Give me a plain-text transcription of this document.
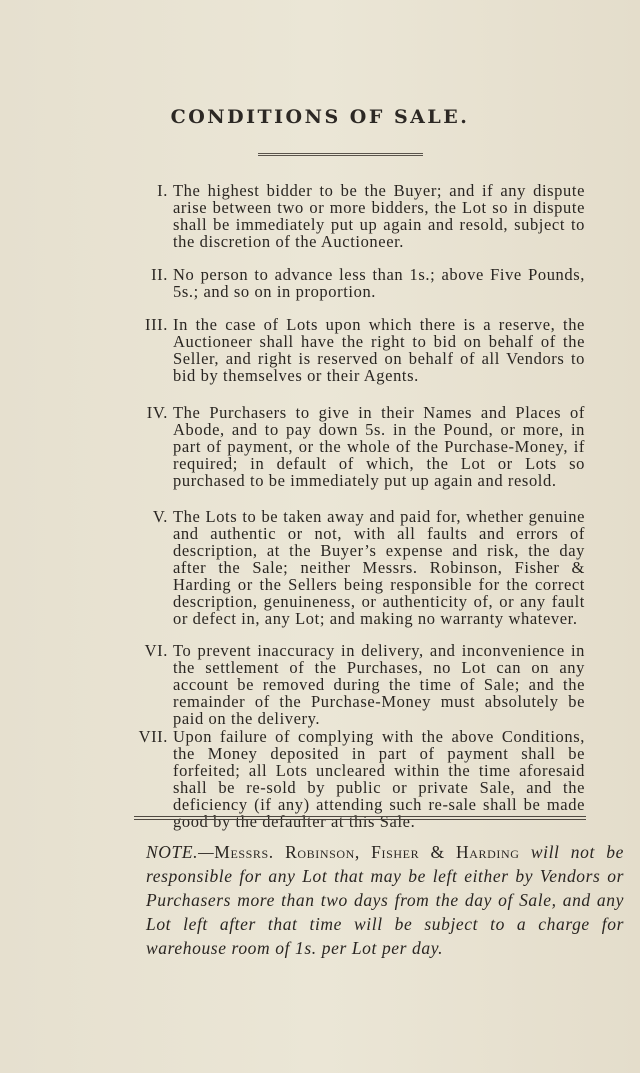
CONDITIONS OF SALE.
I. The highest bidder to be the Buyer; and if any dispute arise between two or more bidders, the Lot so in dispute shall be immediately put up again and resold, subject to the discretion of the Auctioneer.
II. No person to advance less than 1s.; above Five Pounds, 5s.; and so on in proportion.
III. In the case of Lots upon which there is a reserve, the Auctioneer shall have the right to bid on behalf of the Seller, and right is reserved on behalf of all Vendors to bid by themselves or their Agents.
IV. The Purchasers to give in their Names and Places of Abode, and to pay down 5s. in the Pound, or more, in part of payment, or the whole of the Purchase-Money, if required; in default of which, the Lot or Lots so purchased to be immediately put up again and resold.
V. The Lots to be taken away and paid for, whether genuine and authentic or not, with all faults and errors of description, at the Buyer’s expense and risk, the day after the Sale; neither Messrs. Robinson, Fisher & Harding or the Sellers being responsible for the correct description, genuineness, or authenticity of, or any fault or defect in, any Lot; and making no warranty whatever.
VI. To prevent inaccuracy in delivery, and inconvenience in the settlement of the Purchases, no Lot can on any account be removed during the time of Sale; and the remainder of the Purchase-Money must absolutely be paid on the delivery.
VII. Upon failure of complying with the above Conditions, the Money deposited in part of payment shall be forfeited; all Lots uncleared within the time aforesaid shall be re-sold by public or private Sale, and the deficiency (if any) attending such re-sale shall be made good by the defaulter at this Sale.
NOTE.—Messrs. Robinson, Fisher & Harding will not be responsible for any Lot that may be left either by Vendors or Purchasers more than two days from the day of Sale, and any Lot left after that time will be subject to a charge for warehouse room of 1s. per Lot per day.
